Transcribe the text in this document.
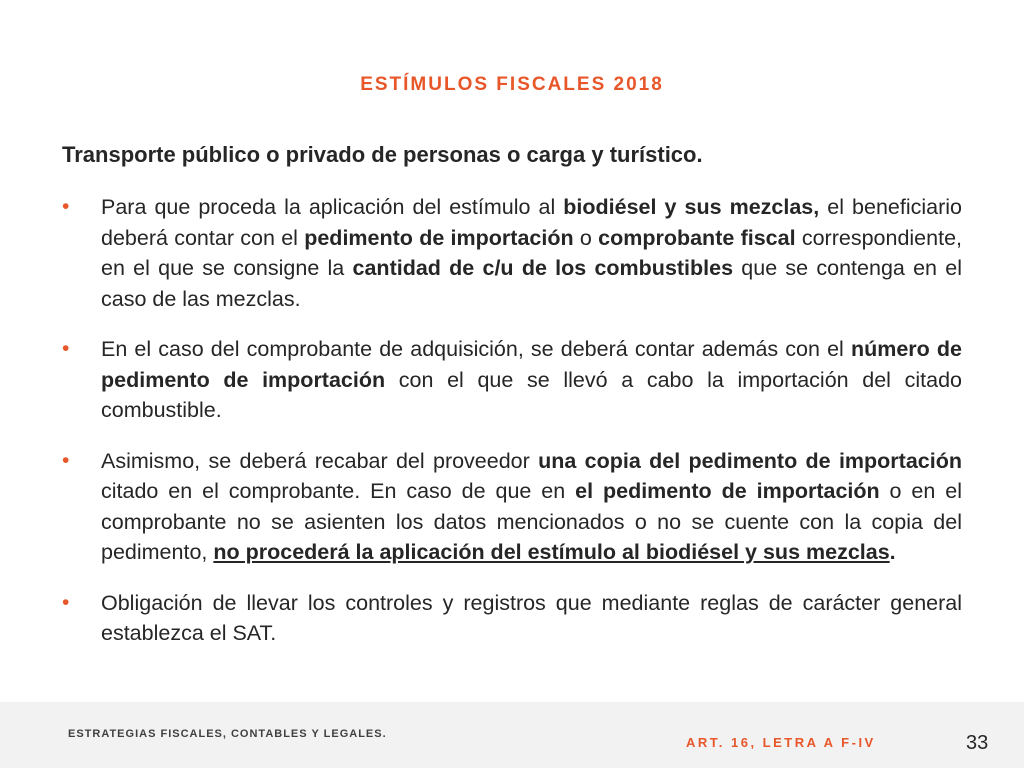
ESTÍMULOS FISCALES 2018
Transporte público o privado de personas o carga y turístico.
• Para que proceda la aplicación del estímulo al biodiésel y sus mezclas, el beneficiario deberá contar con el pedimento de importación o comprobante fiscal correspondiente, en el que se consigne la cantidad de c/u de los combustibles que se contenga en el caso de las mezclas.
• En el caso del comprobante de adquisición, se deberá contar además con el número de pedimento de importación con el que se llevó a cabo la importación del citado combustible.
• Asimismo, se deberá recabar del proveedor una copia del pedimento de importación citado en el comprobante. En caso de que en el pedimento de importación o en el comprobante no se asienten los datos mencionados o no se cuente con la copia del pedimento, no procederá la aplicación del estímulo al biodiésel y sus mezclas.
• Obligación de llevar los controles y registros que mediante reglas de carácter general establezca el SAT.
ESTRATEGIAS FISCALES, CONTABLES Y LEGALES.
ART. 16, LETRA A F-IV	33
